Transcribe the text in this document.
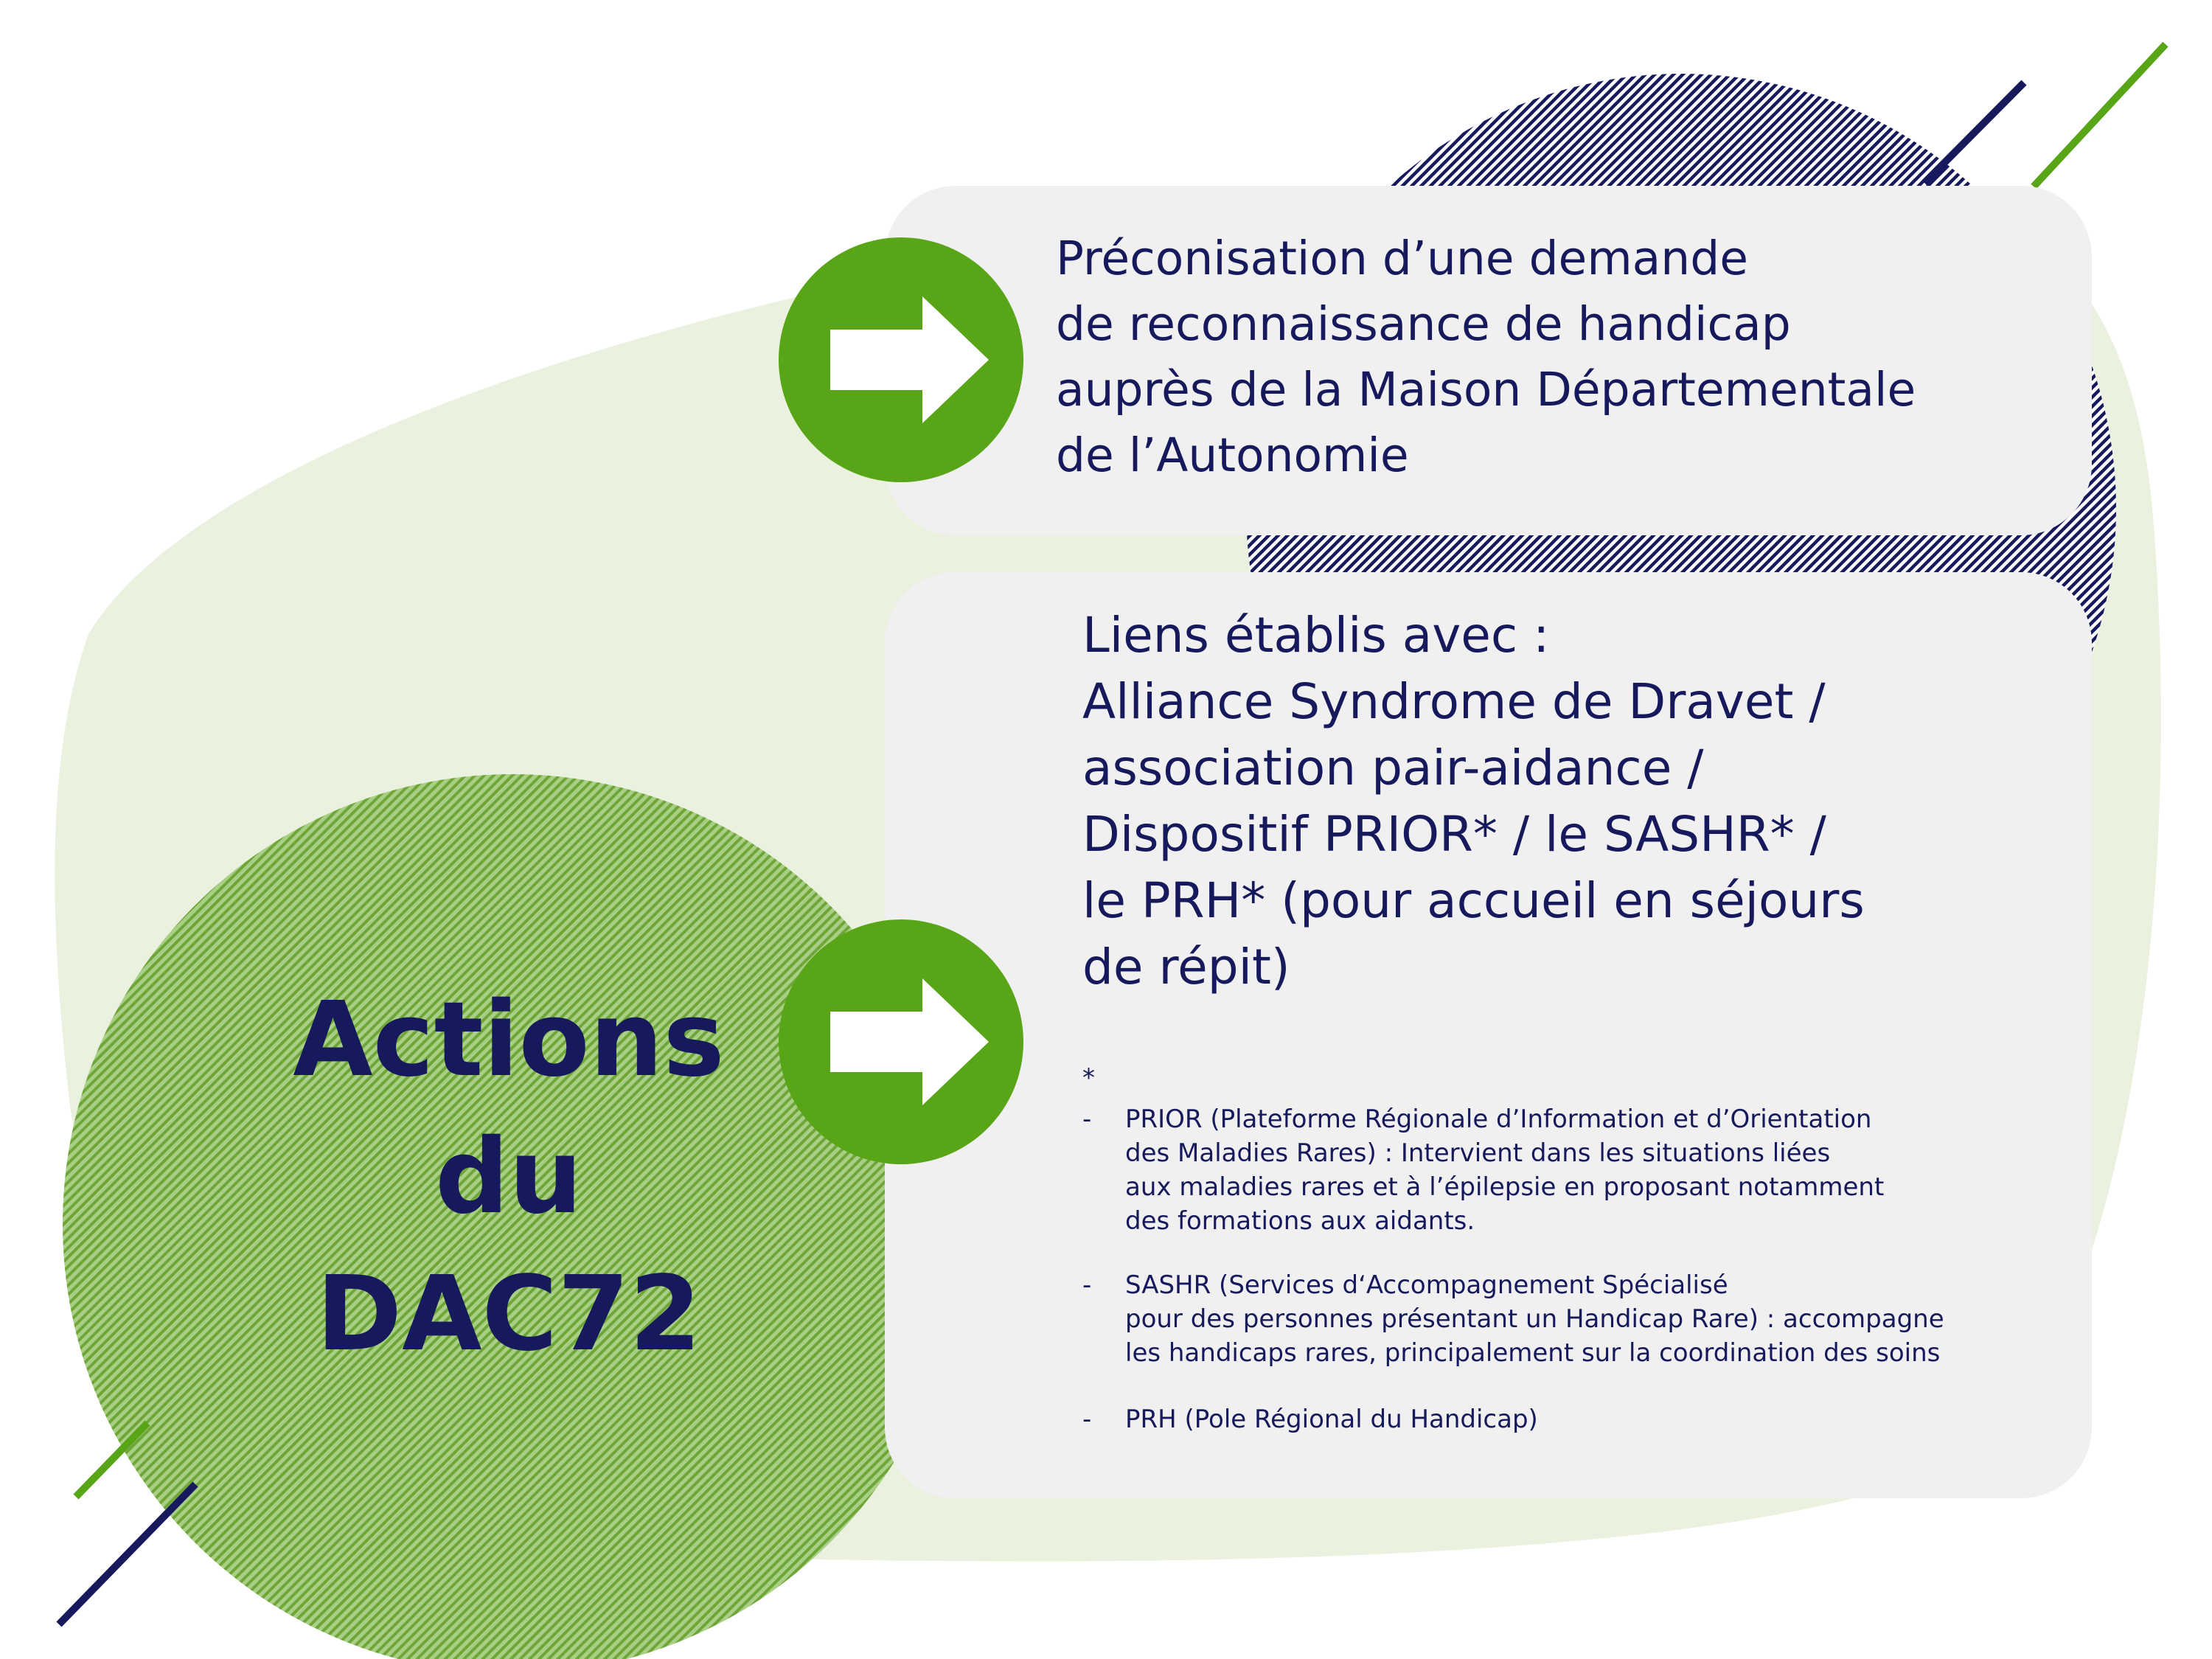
Actions
du
DAC72
Préconisation d’une demande
de reconnaissance de handicap
auprès de la Maison Départementale
de l’Autonomie
Liens établis avec :
Alliance Syndrome de Dravet /
association pair-aidance /
Dispositif PRIOR* / le SASHR* /
le PRH* (pour accueil en séjours
de répit)
*
- PRIOR (Plateforme Régionale d’Information et d’Orientation
des Maladies Rares) : Intervient dans les situations liées
aux maladies rares et à l’épilepsie en proposant notamment
des formations aux aidants.
- SASHR (Services d‘Accompagnement Spécialisé
pour des personnes présentant un Handicap Rare) : accompagne
les handicaps rares, principalement sur la coordination des soins
- PRH (Pole Régional du Handicap)
